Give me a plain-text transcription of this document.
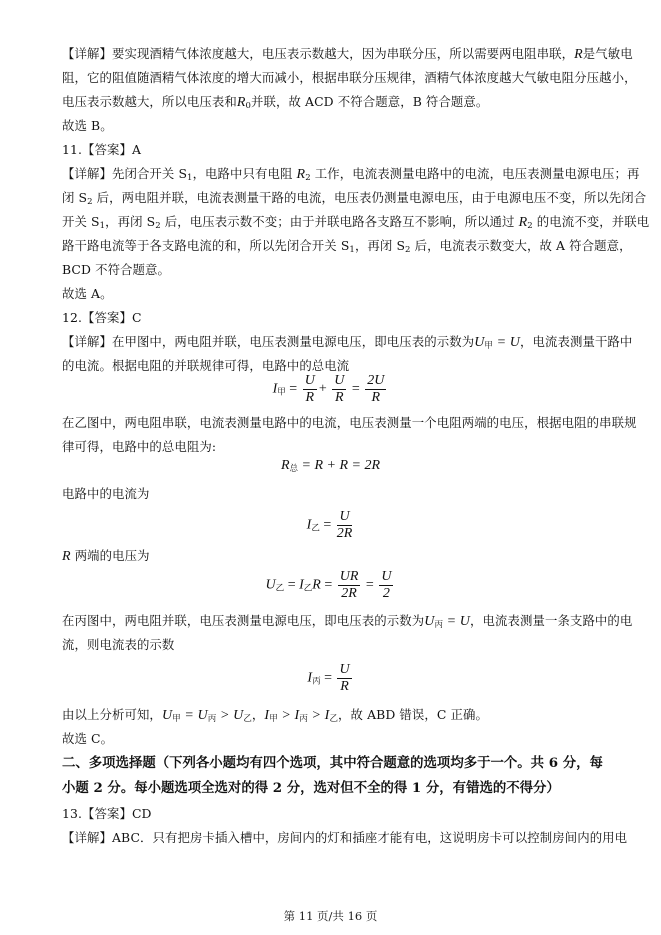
【详解】要实现酒精气体浓度越大，电压表示数越大，因为串联分压，所以需要两电阻串联，R是气敏电
阻，它的阻值随酒精气体浓度的增大而减小，根据串联分压规律，酒精气体浓度越大气敏电阻分压越小，
电压表示数越大，所以电压表和$R_0$并联，故 ACD 不符合题意，B 符合题意。
故选 B。
11.【答案】A
【详解】先闭合开关 $S_1$，电路中只有电阻 $R_2$ 工作，电流表测量电路中的电流，电压表测量电源电压；再
闭 $S_2$ 后，两电阻并联，电流表测量干路的电流，电压表仍测量电源电压，由于电源电压不变，所以先闭合
开关 $S_1$，再闭 $S_2$ 后，电压表示数不变；由于并联电路各支路互不影响，所以通过 $R_2$ 的电流不变，并联电
路干路电流等于各支路电流的和，所以先闭合开关 $S_1$，再闭 $S_2$ 后，电流表示数变大，故 A 符合题意，
BCD 不符合题意。
故选 A。
12.【答案】C
【详解】在甲图中，两电阻并联，电压表测量电源电压，即电压表的示数为$U_甲 = U$，电流表测量干路中
的电流。根据电阻的并联规律可得，电路中的总电流
$I_甲 = \frac{U}{R} + \frac{U}{R} = \frac{2U}{R}$
在乙图中，两电阻串联，电流表测量电路中的电流，电压表测量一个电阻两端的电压，根据电阻的串联规
律可得，电路中的总电阻为:
$R_总 = R + R = 2R$
电路中的电流为
$I_乙 = \frac{U}{2R}$
R 两端的电压为
$U_乙 = I_乙R = \frac{UR}{2R} = \frac{U}{2}$
在丙图中，两电阻并联，电压表测量电源电压，即电压表的示数为$U_丙 = U$，电流表测量一条支路中的电
流，则电流表的示数
$I_丙 = \frac{U}{R}$
由以上分析可知，$U_甲 = U_丙 > U_乙$，$I_甲 > I_丙 > I_乙$，故 ABD 错误，C 正确。
故选 C。
二、多项选择题（下列各小题均有四个选项，其中符合题意的选项均多于一个。共 6 分，每
小题 2 分。每小题选项全选对的得 2 分，选对但不全的得 1 分，有错选的不得分）
13.【答案】CD
【详解】ABC．只有把房卡插入槽中，房间内的灯和插座才能有电，这说明房卡可以控制房间内的用电
第 11 页/共 16 页
